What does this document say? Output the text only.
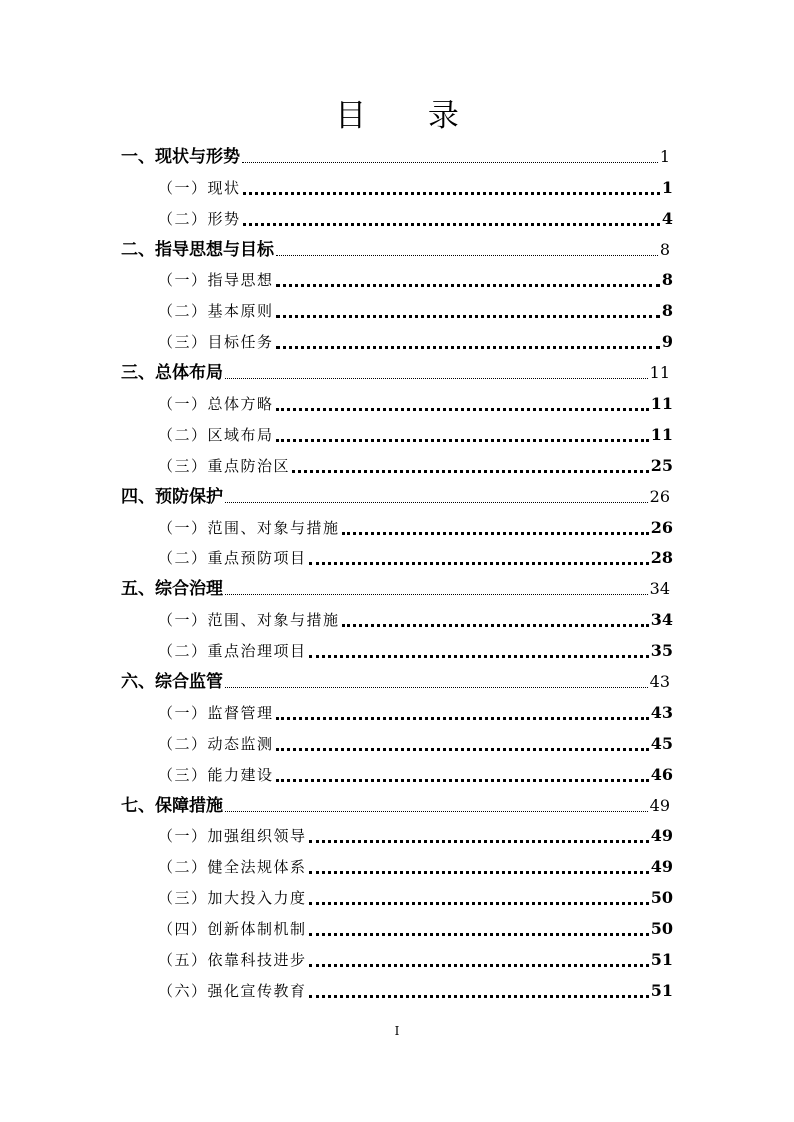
目 录
一、现状与形势	1
（一）现状	1
（二）形势	4
二、指导思想与目标	8
（一）指导思想	8
（二）基本原则	8
（三）目标任务	9
三、总体布局	11
（一）总体方略	11
（二）区域布局	11
（三）重点防治区	25
四、预防保护	26
（一）范围、对象与措施	26
（二）重点预防项目	28
五、综合治理	34
（一）范围、对象与措施	34
（二）重点治理项目	35
六、综合监管	43
（一）监督管理	43
（二）动态监测	45
（三）能力建设	46
七、保障措施	49
（一）加强组织领导	49
（二）健全法规体系	49
（三）加大投入力度	50
（四）创新体制机制	50
（五）依靠科技进步	51
（六）强化宣传教育	51
I
